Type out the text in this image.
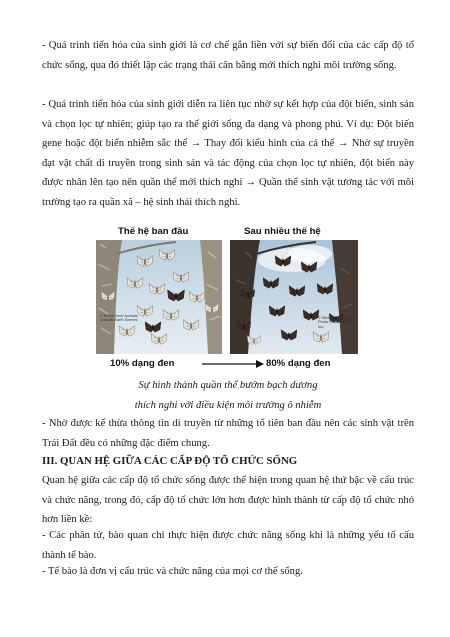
- Quá trình tiến hóa của sinh giới là cơ chế gắn liền với sự biến đổi của các cấp độ tổ chức sống, qua đó thiết lập các trạng thái cân bằng mới thích nghi môi trường sống.

- Quá trình tiến hóa của sinh giới diễn ra liên tục nhờ sự kết hợp của đột biến, sinh sản và chọn lọc tự nhiên; giúp tạo ra thế giới sống đa dạng và phong phú. Ví dụ: Đột biến gene hoặc đột biến nhiễm sắc thể → Thay đổi kiểu hình của cá thể → Nhờ sự truyền đạt vật chất di truyền trong sinh sản và tác động của chọn lọc tự nhiên, đột biến này được nhân lên tạo nên quần thể mới thích nghi → Quần thể sinh vật tương tác với môi trường tạo ra quần xã – hệ sinh thái thích nghi.

Thế hệ ban đầu	Sau nhiều thế hệ
© Breck Kent/ Animals Animals Earth Scenes
© Michael Tweedie/ Photo Researchers, Inc.
10% dạng đen	80% dạng đen

Sự hình thành quần thể bướm bạch dương

thích nghi với điều kiện môi trường ô nhiễm

- Nhờ được kế thừa thông tin di truyền từ những tổ tiên ban đầu nên các sinh vật trên Trái Đất đều có những đặc điểm chung.

III. QUAN HỆ GIỮA CÁC CẤP ĐỘ TỔ CHỨC SỐNG

Quan hệ giữa các cấp độ tổ chức sống được thể hiện trong quan hệ thứ bậc về cấu trúc và chức năng, trong đó, cấp độ tổ chức lớn hơn được hình thành từ cấp độ tổ chức nhỏ hơn liền kề:

- Các phân tử, bào quan chỉ thực hiện được chức năng sống khi là những yếu tố cấu thành tế bào.

- Tế bào là đơn vị cấu trúc và chức năng của mọi cơ thể sống.
